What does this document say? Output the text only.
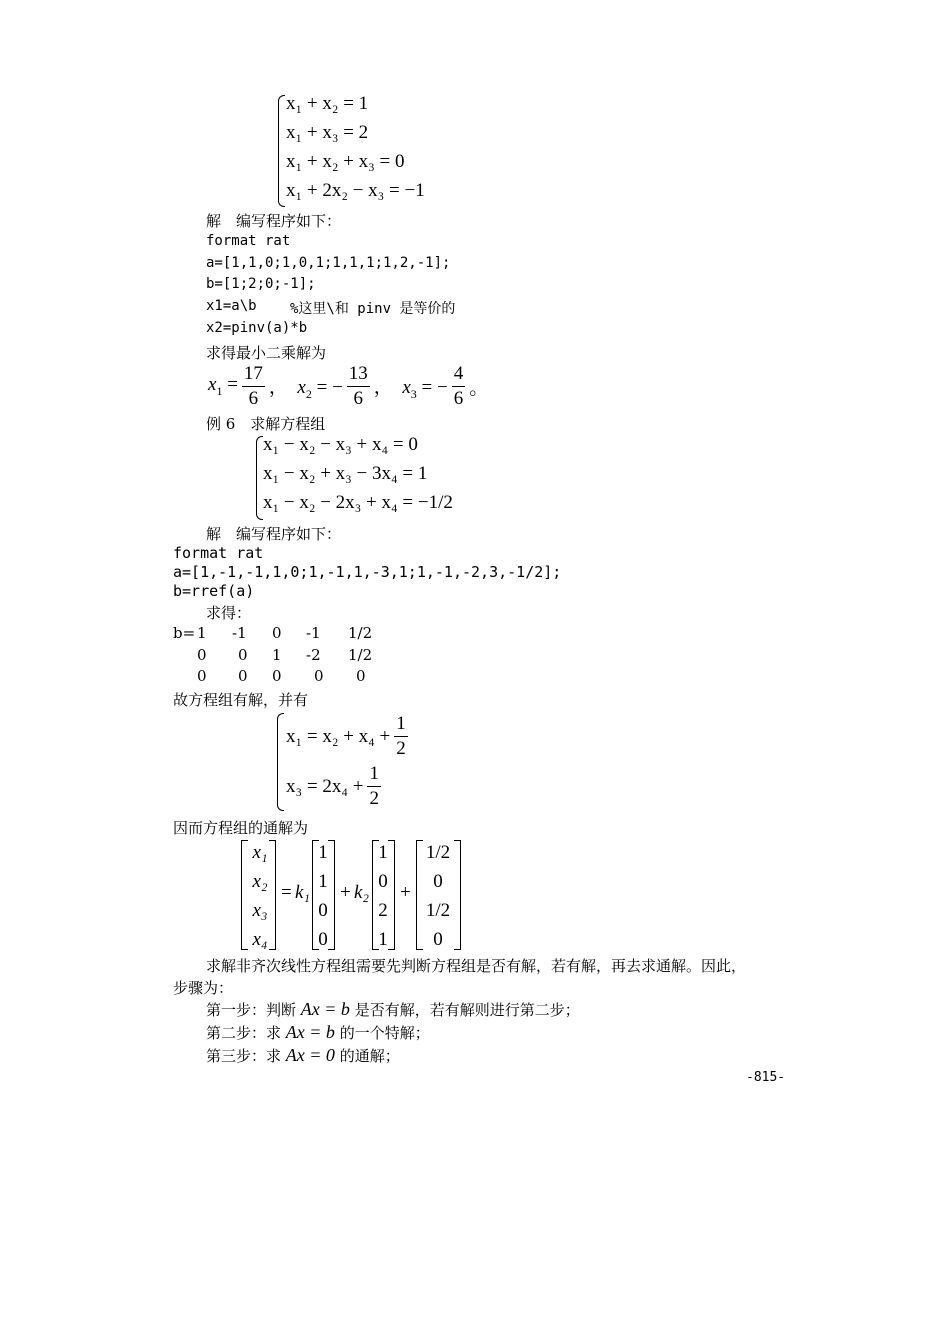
x₁ + x₂ = 1
x₁ + x₃ = 2
x₁ + x₂ + x₃ = 0
x₁ + 2x₂ − x₃ = −1
解　编写程序如下：
format rat
a=[1,1,0;1,0,1;1,1,1;1,2,-1];
b=[1;2;0;-1];
x1=a\b %这里\和 pinv 是等价的
x2=pinv(a)*b
求得最小二乘解为
$x_1 = \frac{17}{6}$ ，  $x_2$ = − $\frac{13}{6}$ ，  $x_3$ = − $\frac{4}{6}$ 。
例 6　求解方程组
x₁ − x₂ − x₃ + x₄ = 0
x₁ − x₂ + x₃ − 3x₄ = 1
x₁ − x₂ − 2x₃ + x₄ = −1/2
解　编写程序如下：
format rat
a=[1,-1,-1,1,0;1,-1,1,-3,1;1,-1,-2,3,-1/2];
b=rref(a)
求得：
b= 1 -1 0 -1 1/2
0 0 1 -2 1/2
0 0 0 0 0
故方程组有解，并有
$x_1 = x_2 + x_4 + \frac{1}{2}$
$x_3 = 2x_4 + \frac{1}{2}$
因而方程组的通解为
x₁
x₂
x₃
x₄
= k₁
1
1
0
0
+ k₂
1
0
2
1
+
1/2
0
1/2
0
求解非齐次线性方程组需要先判断方程组是否有解，若有解，再去求通解。因此，
步骤为：
第一步：判断 Ax = b 是否有解，若有解则进行第二步；
第二步：求 Ax = b 的一个特解；
第三步：求 Ax = 0 的通解；
-815-
